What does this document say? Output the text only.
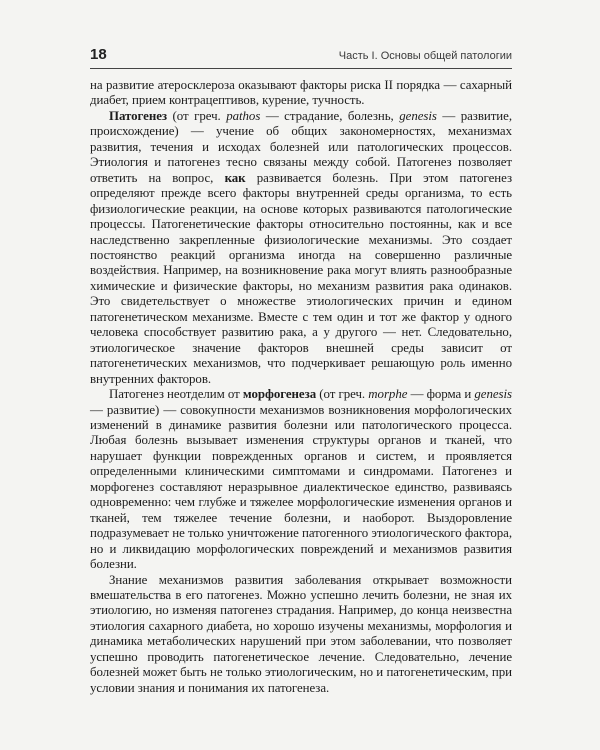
18	Часть I. Основы общей патологии

на развитие атеросклероза оказывают факторы риска II порядка — сахарный диабет, прием контрацептивов, курение, тучность.

Патогенез (от греч. pathos — страдание, болезнь, genesis — развитие, происхождение) — учение об общих закономерностях, механизмах развития, течения и исходах болезней или патологических процессов. Этиология и патогенез тесно связаны между собой. Патогенез позволяет ответить на вопрос, как развивается болезнь. При этом патогенез определяют прежде всего факторы внутренней среды организма, то есть физиологические реакции, на основе которых развиваются патологические процессы. Патогенетические факторы относительно постоянны, как и все наследственно закрепленные физиологические механизмы. Это создает постоянство реакций организма иногда на совершенно различные воздействия. Например, на возникновение рака могут влиять разнообразные химические и физические факторы, но механизм развития рака одинаков. Это свидетельствует о множестве этиологических причин и едином патогенетическом механизме. Вместе с тем один и тот же фактор у одного человека способствует развитию рака, а у другого — нет. Следовательно, этиологическое значение факторов внешней среды зависит от патогенетических механизмов, что подчеркивает решающую роль именно внутренних факторов.

Патогенез неотделим от морфогенеза (от греч. morphe — форма и genesis — развитие) — совокупности механизмов возникновения морфологических изменений в динамике развития болезни или патологического процесса. Любая болезнь вызывает изменения структуры органов и тканей, что нарушает функции поврежденных органов и систем, и проявляется определенными клиническими симптомами и синдромами. Патогенез и морфогенез составляют неразрывное диалектическое единство, развиваясь одновременно: чем глубже и тяжелее морфологические изменения органов и тканей, тем тяжелее течение болезни, и наоборот. Выздоровление подразумевает не только уничтожение патогенного этиологического фактора, но и ликвидацию морфологических повреждений и механизмов развития болезни.

Знание механизмов развития заболевания открывает возможности вмешательства в его патогенез. Можно успешно лечить болезни, не зная их этиологию, но изменяя патогенез страдания. Например, до конца неизвестна этиология сахарного диабета, но хорошо изучены механизмы, морфология и динамика метаболических нарушений при этом заболевании, что позволяет успешно проводить патогенетическое лечение. Следовательно, лечение болезней может быть не только этиологическим, но и патогенетическим, при условии знания и понимания их патогенеза.
